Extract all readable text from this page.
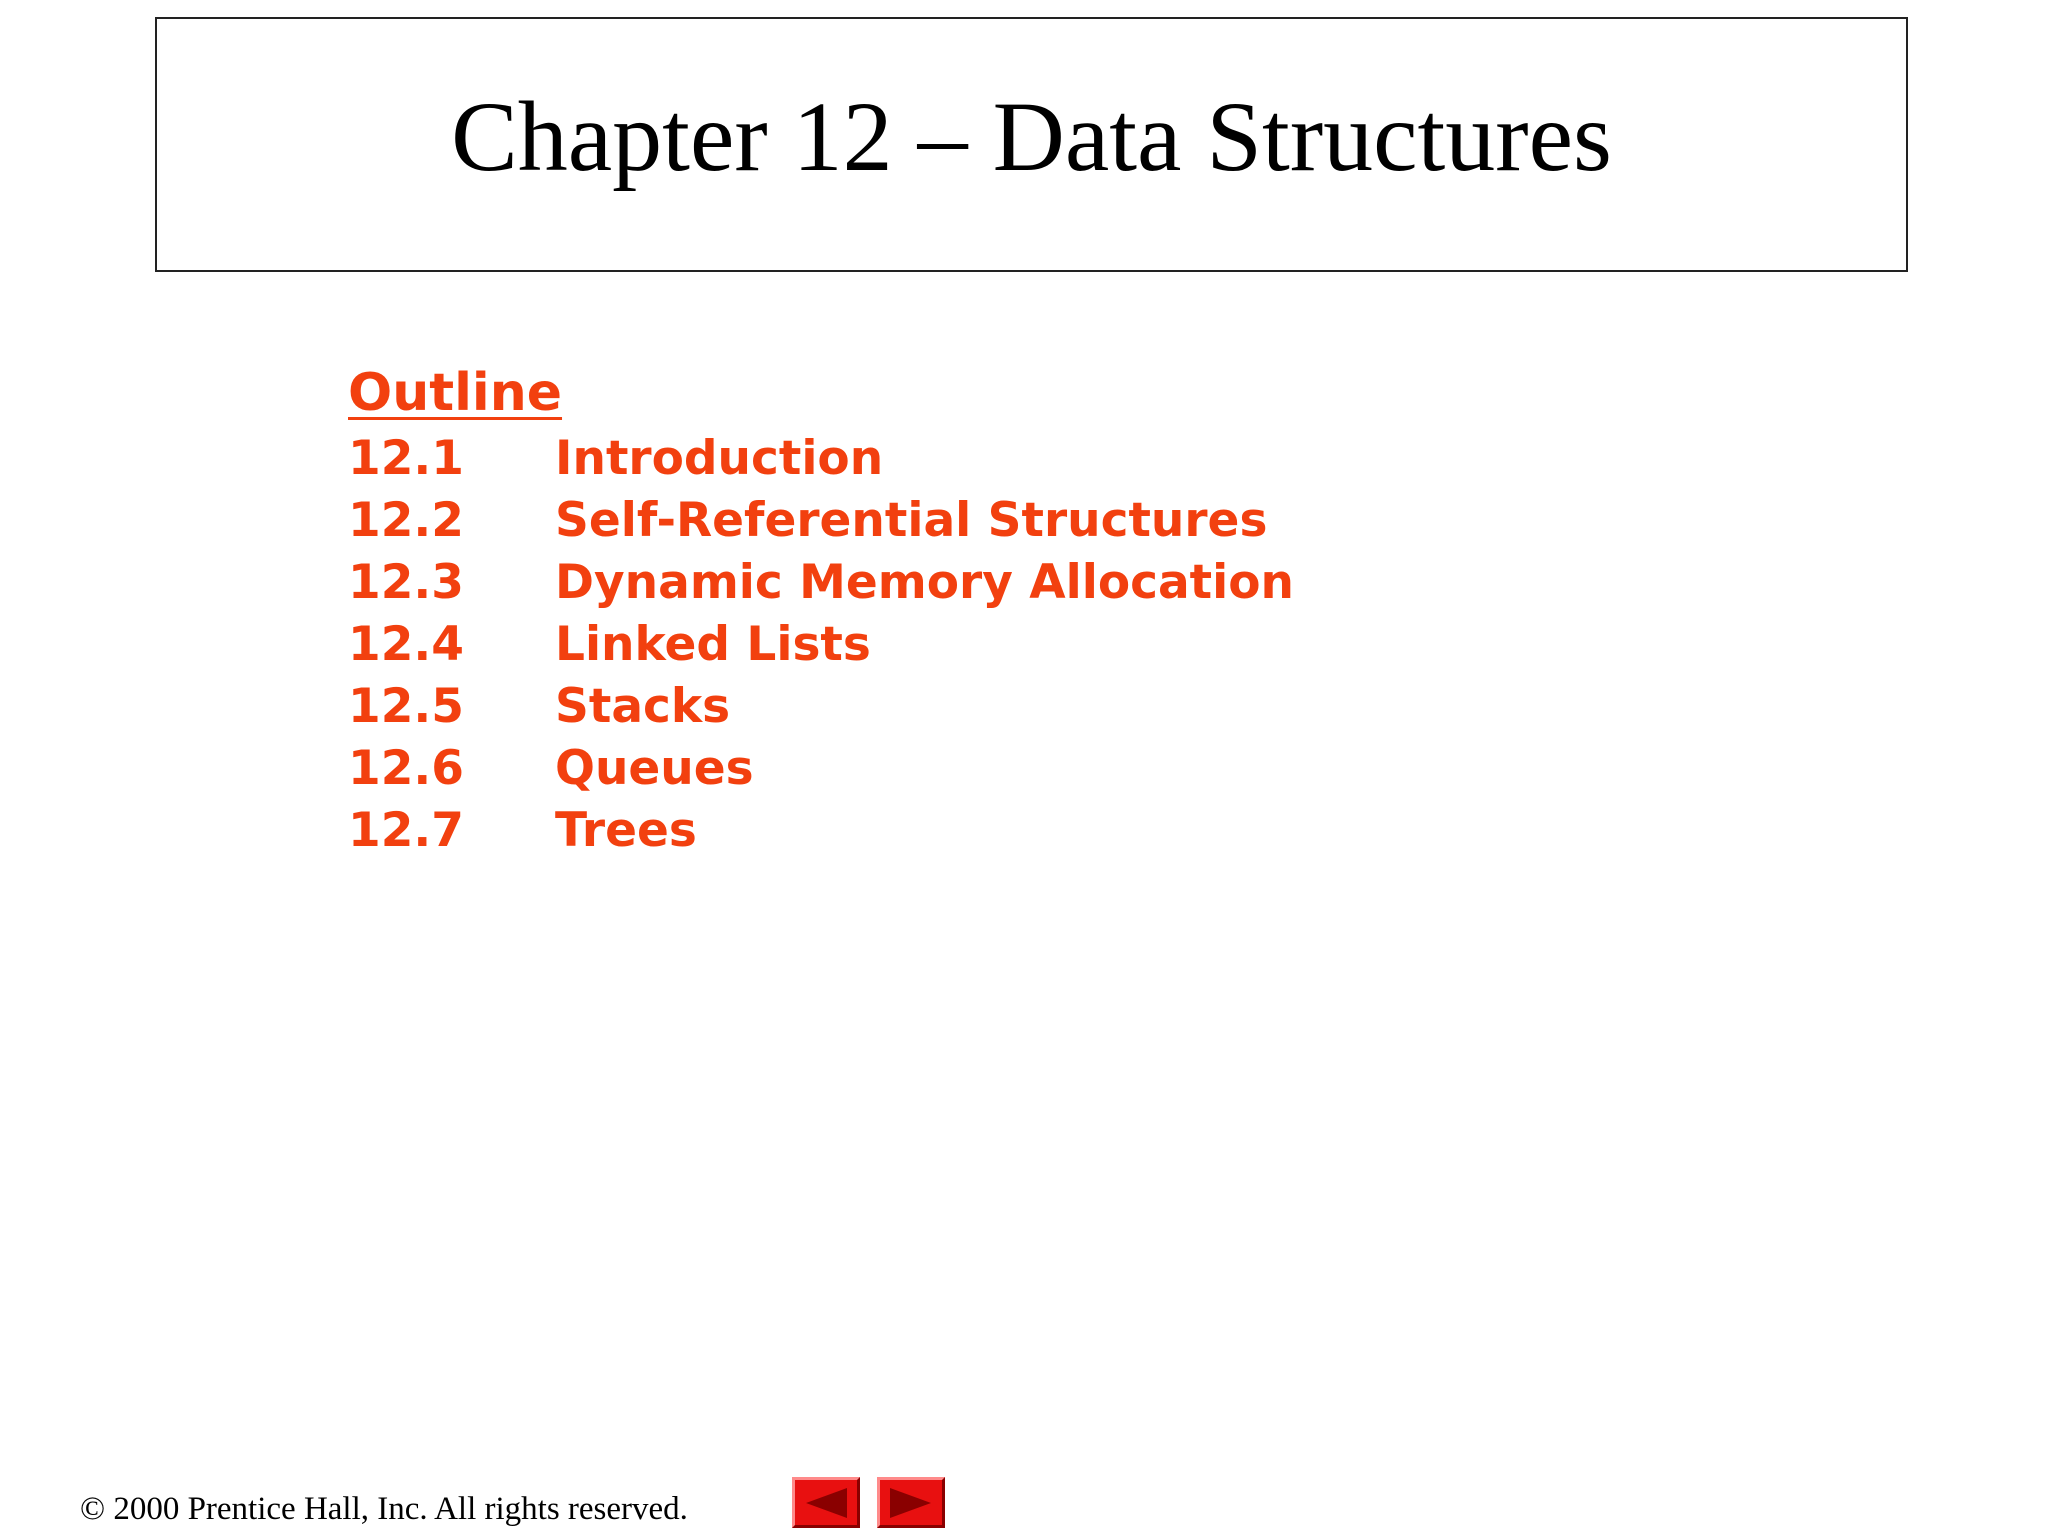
Chapter 12 – Data Structures
Outline
12.1	Introduction
12.2	Self-Referential Structures
12.3	Dynamic Memory Allocation
12.4	Linked Lists
12.5	Stacks
12.6	Queues
12.7	Trees
© 2000 Prentice Hall, Inc. All rights reserved.
